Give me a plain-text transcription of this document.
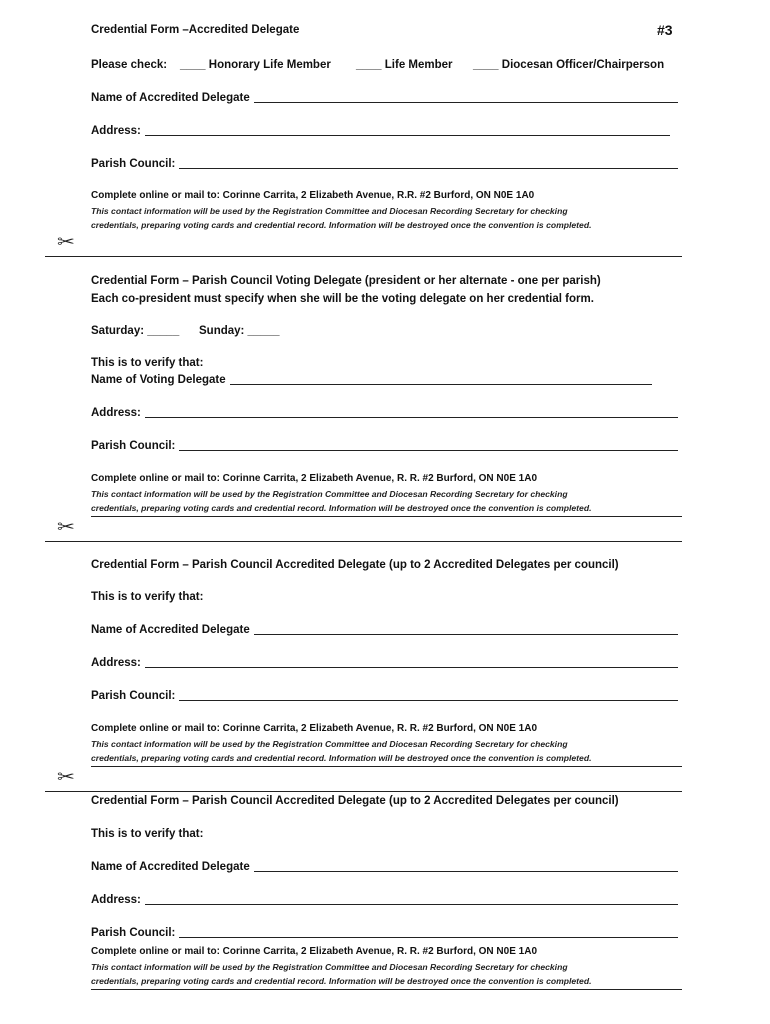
Credential Form –Accredited Delegate	#3
Please check: ____ Honorary Life Member ____ Life Member ____ Diocesan Officer/Chairperson
Name of Accredited Delegate
Address:
Parish Council:
Complete online or mail to: Corinne Carrita, 2 Elizabeth Avenue, R.R. #2 Burford, ON N0E 1A0
This contact information will be used by the Registration Committee and Diocesan Recording Secretary for checking
credentials, preparing voting cards and credential record. Information will be destroyed once the convention is completed.
✂
Credential Form – Parish Council Voting Delegate (president or her alternate - one per parish)
Each co-president must specify when she will be the voting delegate on her credential form.
Saturday: _____ Sunday: _____
This is to verify that:
Name of Voting Delegate
Address:
Parish Council:
Complete online or mail to: Corinne Carrita, 2 Elizabeth Avenue, R. R. #2 Burford, ON N0E 1A0
This contact information will be used by the Registration Committee and Diocesan Recording Secretary for checking
credentials, preparing voting cards and credential record. Information will be destroyed once the convention is completed.
✂
Credential Form – Parish Council Accredited Delegate (up to 2 Accredited Delegates per council)
This is to verify that:
Name of Accredited Delegate
Address:
Parish Council:
Complete online or mail to: Corinne Carrita, 2 Elizabeth Avenue, R. R. #2 Burford, ON N0E 1A0
This contact information will be used by the Registration Committee and Diocesan Recording Secretary for checking
credentials, preparing voting cards and credential record. Information will be destroyed once the convention is completed.
✂
Credential Form – Parish Council Accredited Delegate (up to 2 Accredited Delegates per council)
This is to verify that:
Name of Accredited Delegate
Address:
Parish Council:
Complete online or mail to: Corinne Carrita, 2 Elizabeth Avenue, R. R. #2 Burford, ON N0E 1A0
This contact information will be used by the Registration Committee and Diocesan Recording Secretary for checking
credentials, preparing voting cards and credential record. Information will be destroyed once the convention is completed.
